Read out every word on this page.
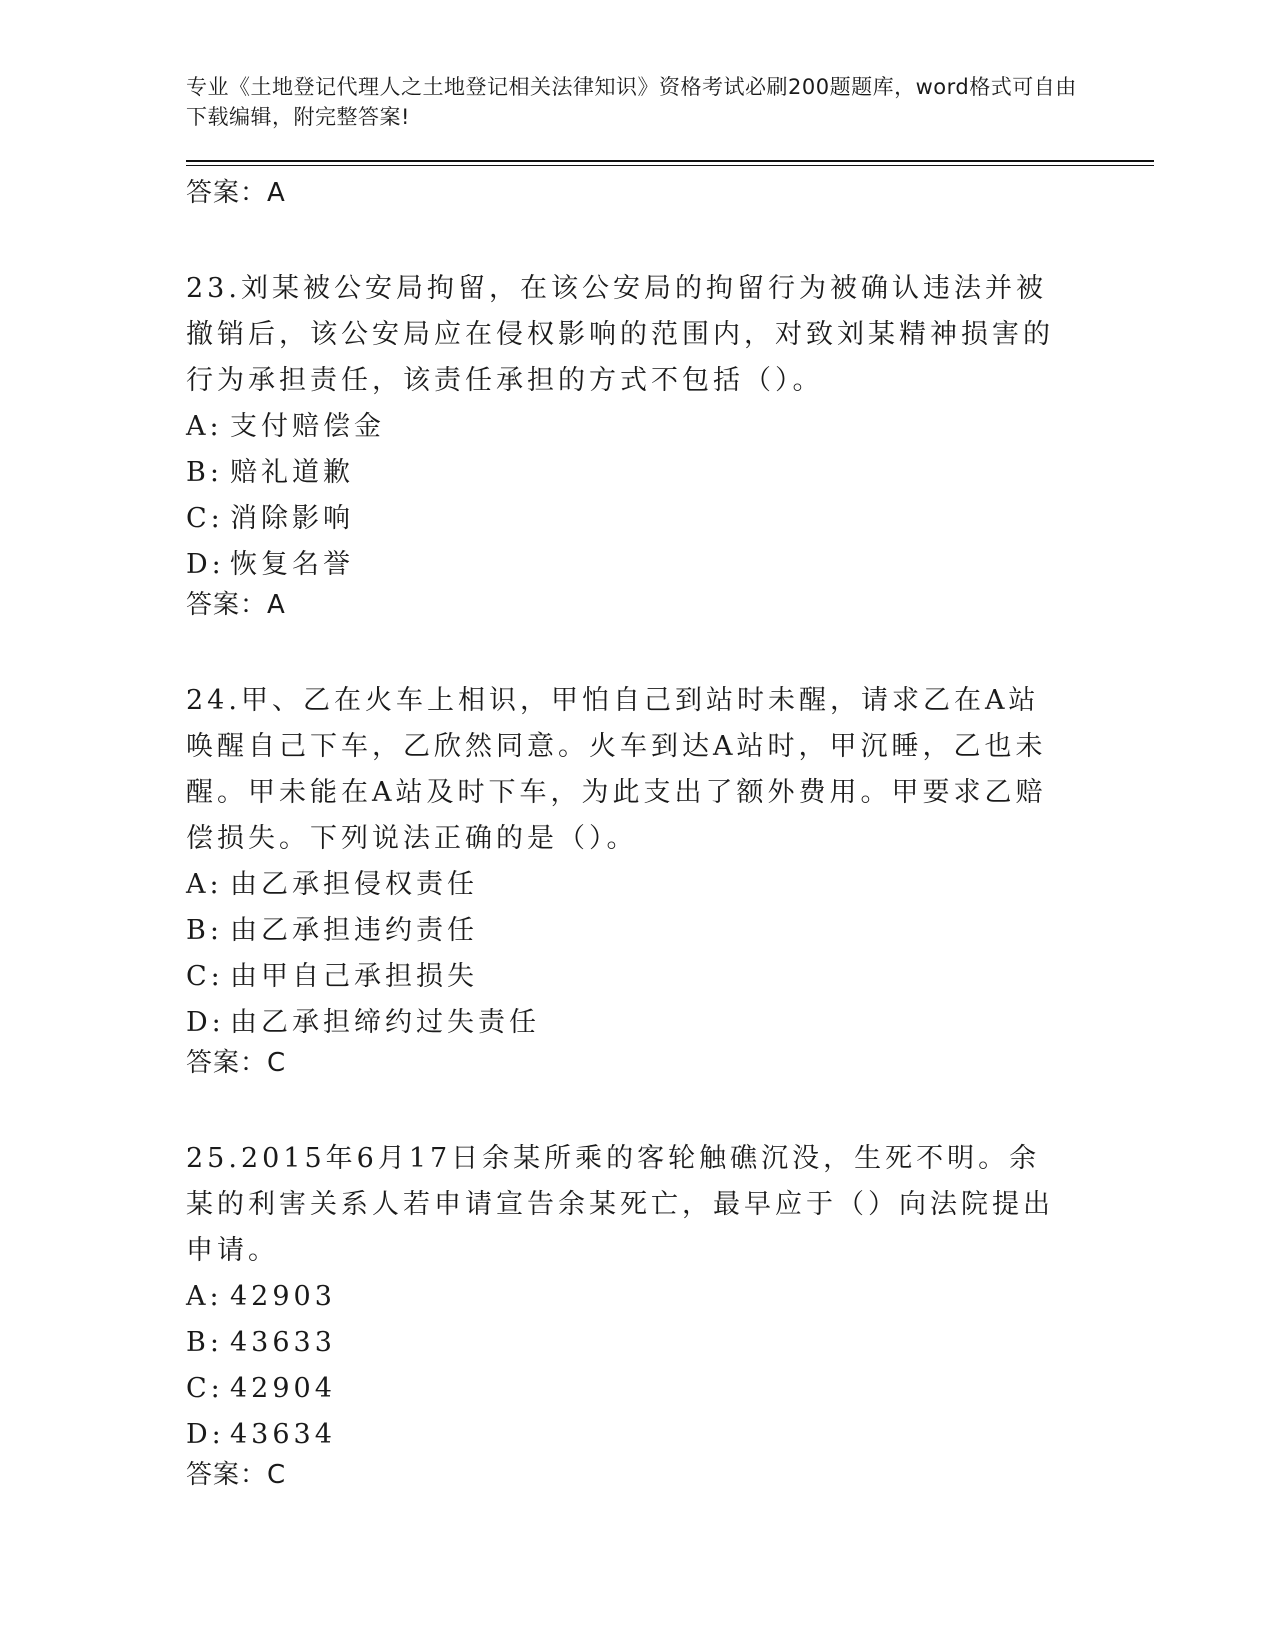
专业《土地登记代理人之土地登记相关法律知识》资格考试必刷200题题库，word格式可自由下载编辑，附完整答案!
答案：A
23.刘某被公安局拘留，在该公安局的拘留行为被确认违法并被撤销后，该公安局应在侵权影响的范围内，对致刘某精神损害的行为承担责任，该责任承担的方式不包括（）。
A: 支付赔偿金
B: 赔礼道歉
C: 消除影响
D: 恢复名誉
答案：A
24.甲、乙在火车上相识，甲怕自己到站时未醒，请求乙在A站唤醒自己下车，乙欣然同意。火车到达A站时，甲沉睡，乙也未醒。甲未能在A站及时下车，为此支出了额外费用。甲要求乙赔偿损失。下列说法正确的是（）。
A: 由乙承担侵权责任
B: 由乙承担违约责任
C: 由甲自己承担损失
D: 由乙承担缔约过失责任
答案：C
25.2015年6月17日余某所乘的客轮触礁沉没，生死不明。余某的利害关系人若申请宣告余某死亡，最早应于（）向法院提出申请。
A: 42903
B: 43633
C: 42904
D: 43634
答案：C
